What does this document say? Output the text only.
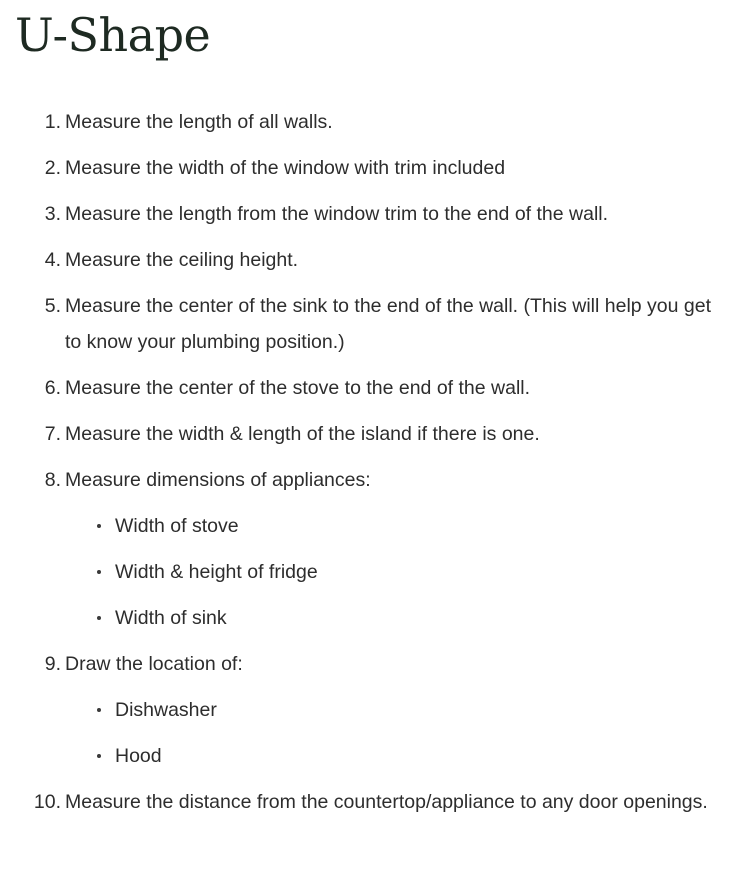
U-Shape
1. Measure the length of all walls.
2. Measure the width of the window with trim included
3. Measure the length from the window trim to the end of the wall.
4. Measure the ceiling height.
5. Measure the center of the sink to the end of the wall. (This will help you get to know your plumbing position.)
6. Measure the center of the stove to the end of the wall.
7. Measure the width & length of the island if there is one.
8. Measure dimensions of appliances:
Width of stove
Width & height of fridge
Width of sink
9. Draw the location of:
Dishwasher
Hood
10. Measure the distance from the countertop/appliance to any door openings.
